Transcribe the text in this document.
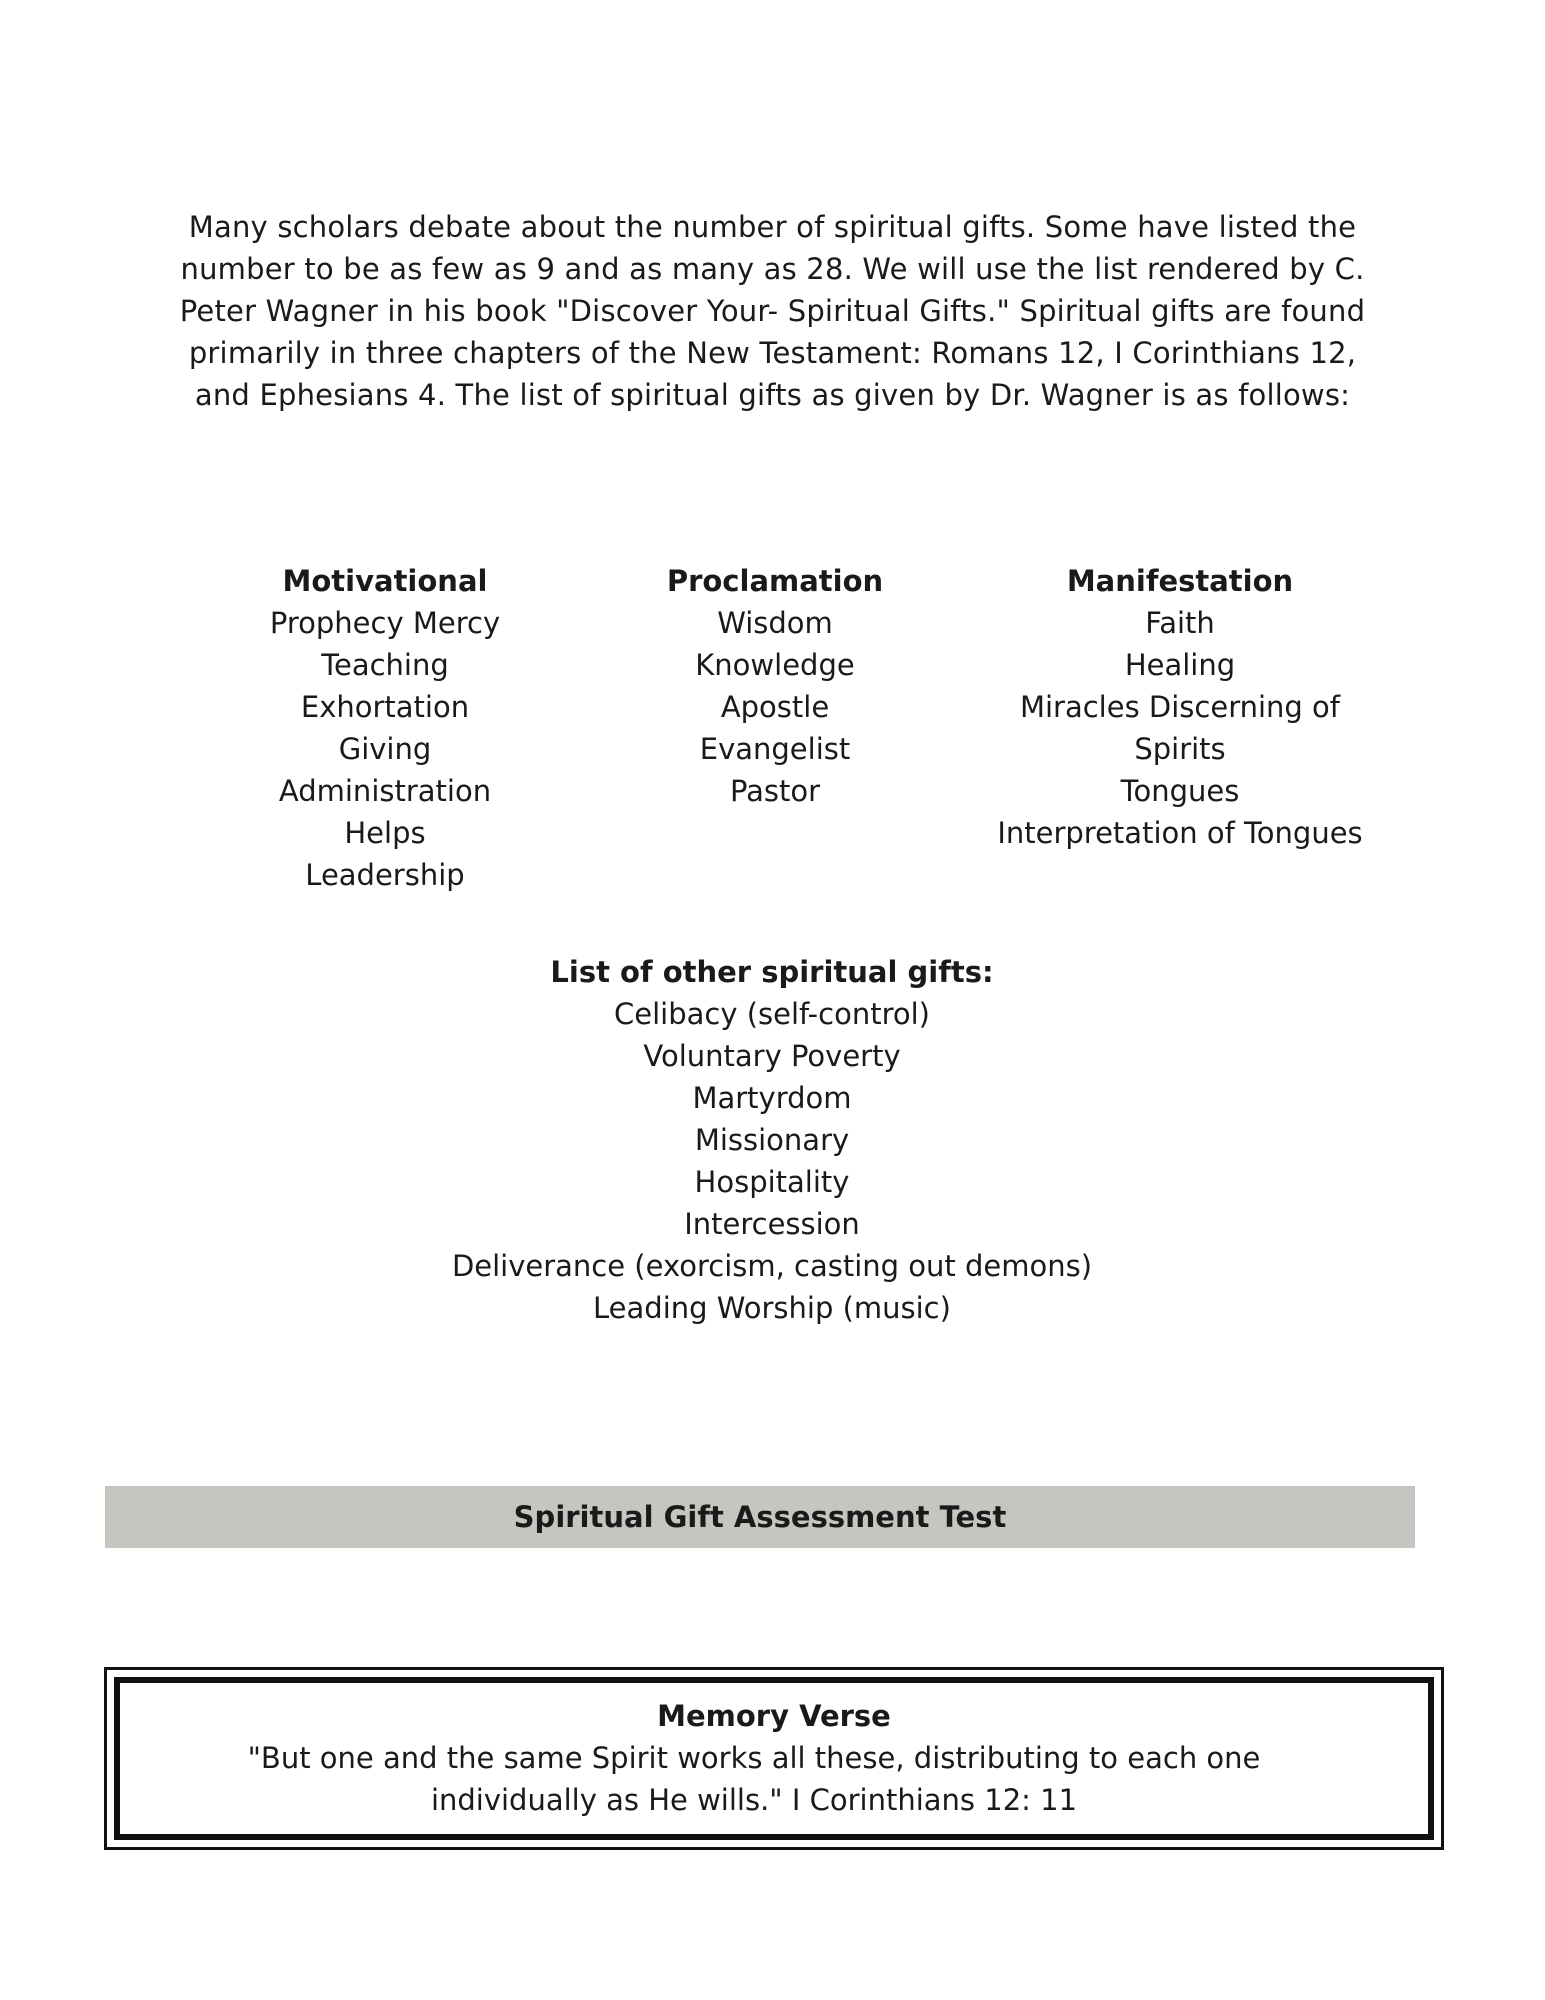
Many scholars debate about the number of spiritual gifts. Some have listed the
number to be as few as 9 and as many as 28. We will use the list rendered by C.
Peter Wagner in his book "Discover Your- Spiritual Gifts." Spiritual gifts are found
primarily in three chapters of the New Testament: Romans 12, I Corinthians 12,
and Ephesians 4. The list of spiritual gifts as given by Dr. Wagner is as follows:
Motivational
Prophecy Mercy
Teaching
Exhortation
Giving
Administration
Helps
Leadership
Proclamation
Wisdom
Knowledge
Apostle
Evangelist
Pastor
Manifestation
Faith
Healing
Miracles Discerning of Spirits
Tongues
Interpretation of Tongues
List of other spiritual gifts:
Celibacy (self-control)
Voluntary Poverty
Martyrdom
Missionary
Hospitality
Intercession
Deliverance (exorcism, casting out demons)
Leading Worship (music)
Spiritual Gift Assessment Test
Memory Verse
"But one and the same Spirit works all these, distributing to each one individually as He wills." I Corinthians 12: 11
